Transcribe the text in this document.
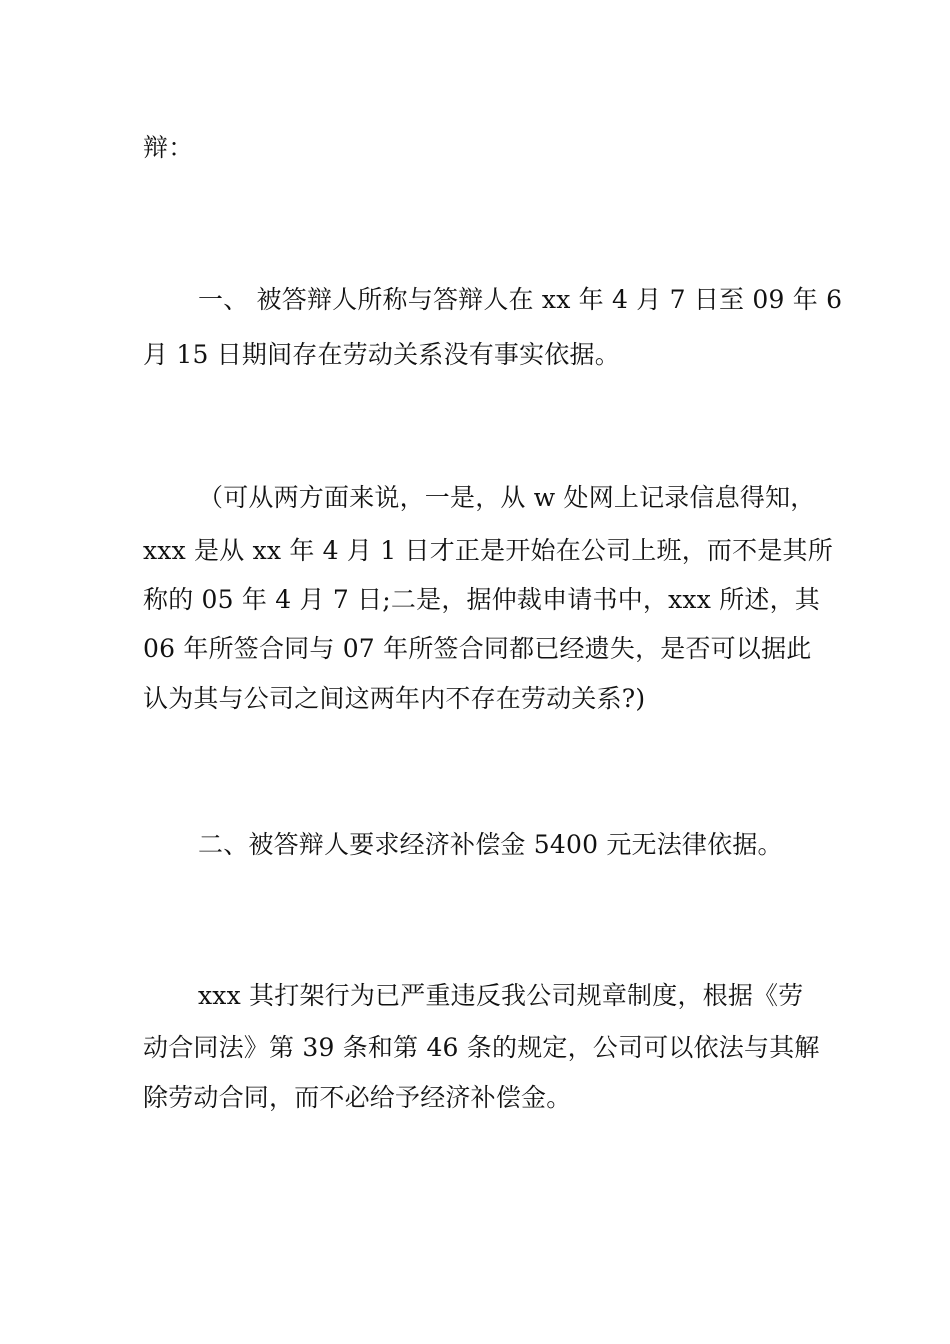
辩：
一、 被答辩人所称与答辩人在 xx 年 4 月 7 日至 09 年 6
月 15 日期间存在劳动关系没有事实依据。
（可从两方面来说，一是，从 w 处网上记录信息得知，
xxx 是从 xx 年 4 月 1 日才正是开始在公司上班，而不是其所
称的 05 年 4 月 7 日;二是，据仲裁申请书中，xxx 所述，其
06 年所签合同与 07 年所签合同都已经遗失，是否可以据此
认为其与公司之间这两年内不存在劳动关系?)
二、被答辩人要求经济补偿金 5400 元无法律依据。
xxx 其打架行为已严重违反我公司规章制度，根据《劳
动合同法》第 39 条和第 46 条的规定，公司可以依法与其解
除劳动合同，而不必给予经济补偿金。
